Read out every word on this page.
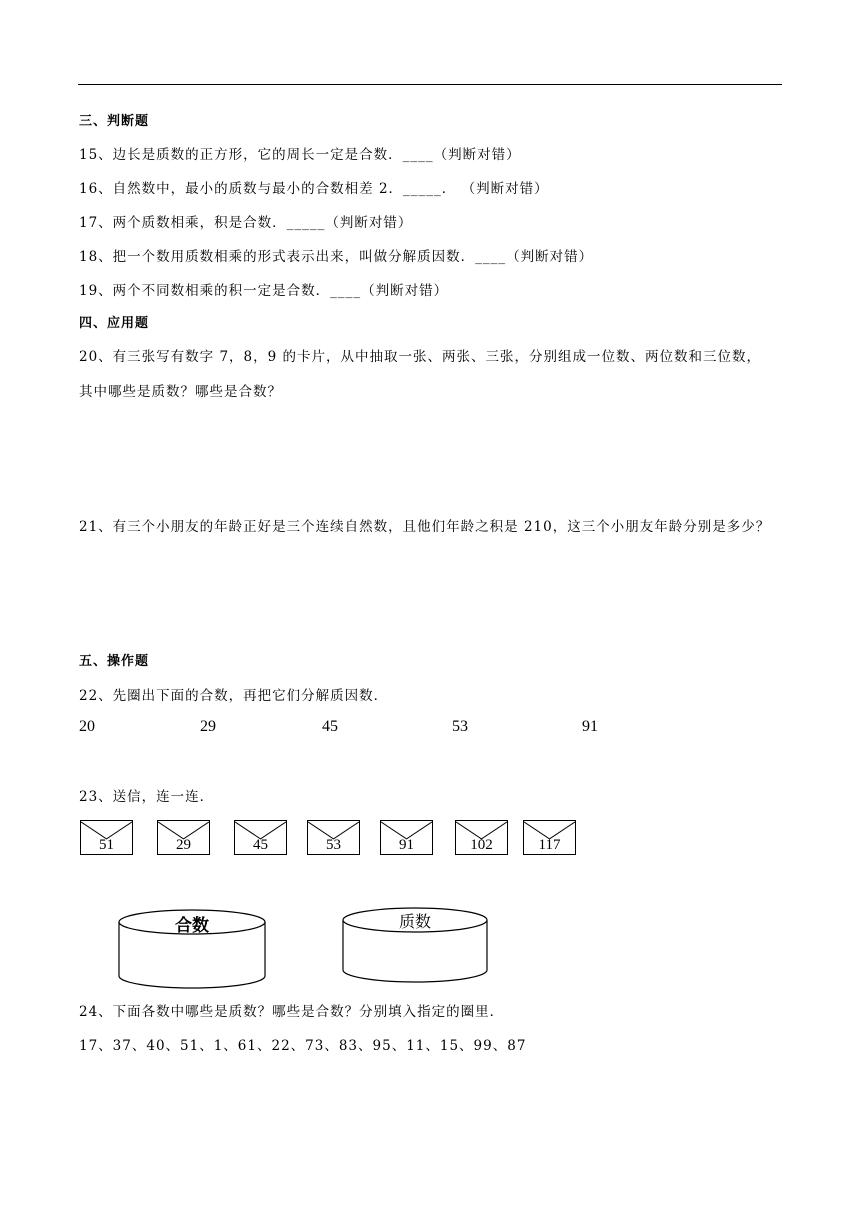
三、判断题
15、边长是质数的正方形，它的周长一定是合数．____（判断对错）
16、自然数中，最小的质数与最小的合数相差 2．_____． （判断对错）
17、两个质数相乘，积是合数．_____（判断对错）
18、把一个数用质数相乘的形式表示出来，叫做分解质因数．____（判断对错）
19、两个不同数相乘的积一定是合数．____（判断对错）
四、应用题
20、有三张写有数字 7，8，9 的卡片，从中抽取一张、两张、三张，分别组成一位数、两位数和三位数，
其中哪些是质数？哪些是合数？
21、有三个小朋友的年龄正好是三个连续自然数，且他们年龄之积是 210，这三个小朋友年龄分别是多少？
五、操作题
22、先圈出下面的合数，再把它们分解质因数．
20	29	45	53	91
23、送信，连一连．
51	29	45	53	91	102	117
合数	质数
24、下面各数中哪些是质数？哪些是合数？分别填入指定的圈里．
17、37、40、51、1、61、22、73、83、95、11、15、99、87
